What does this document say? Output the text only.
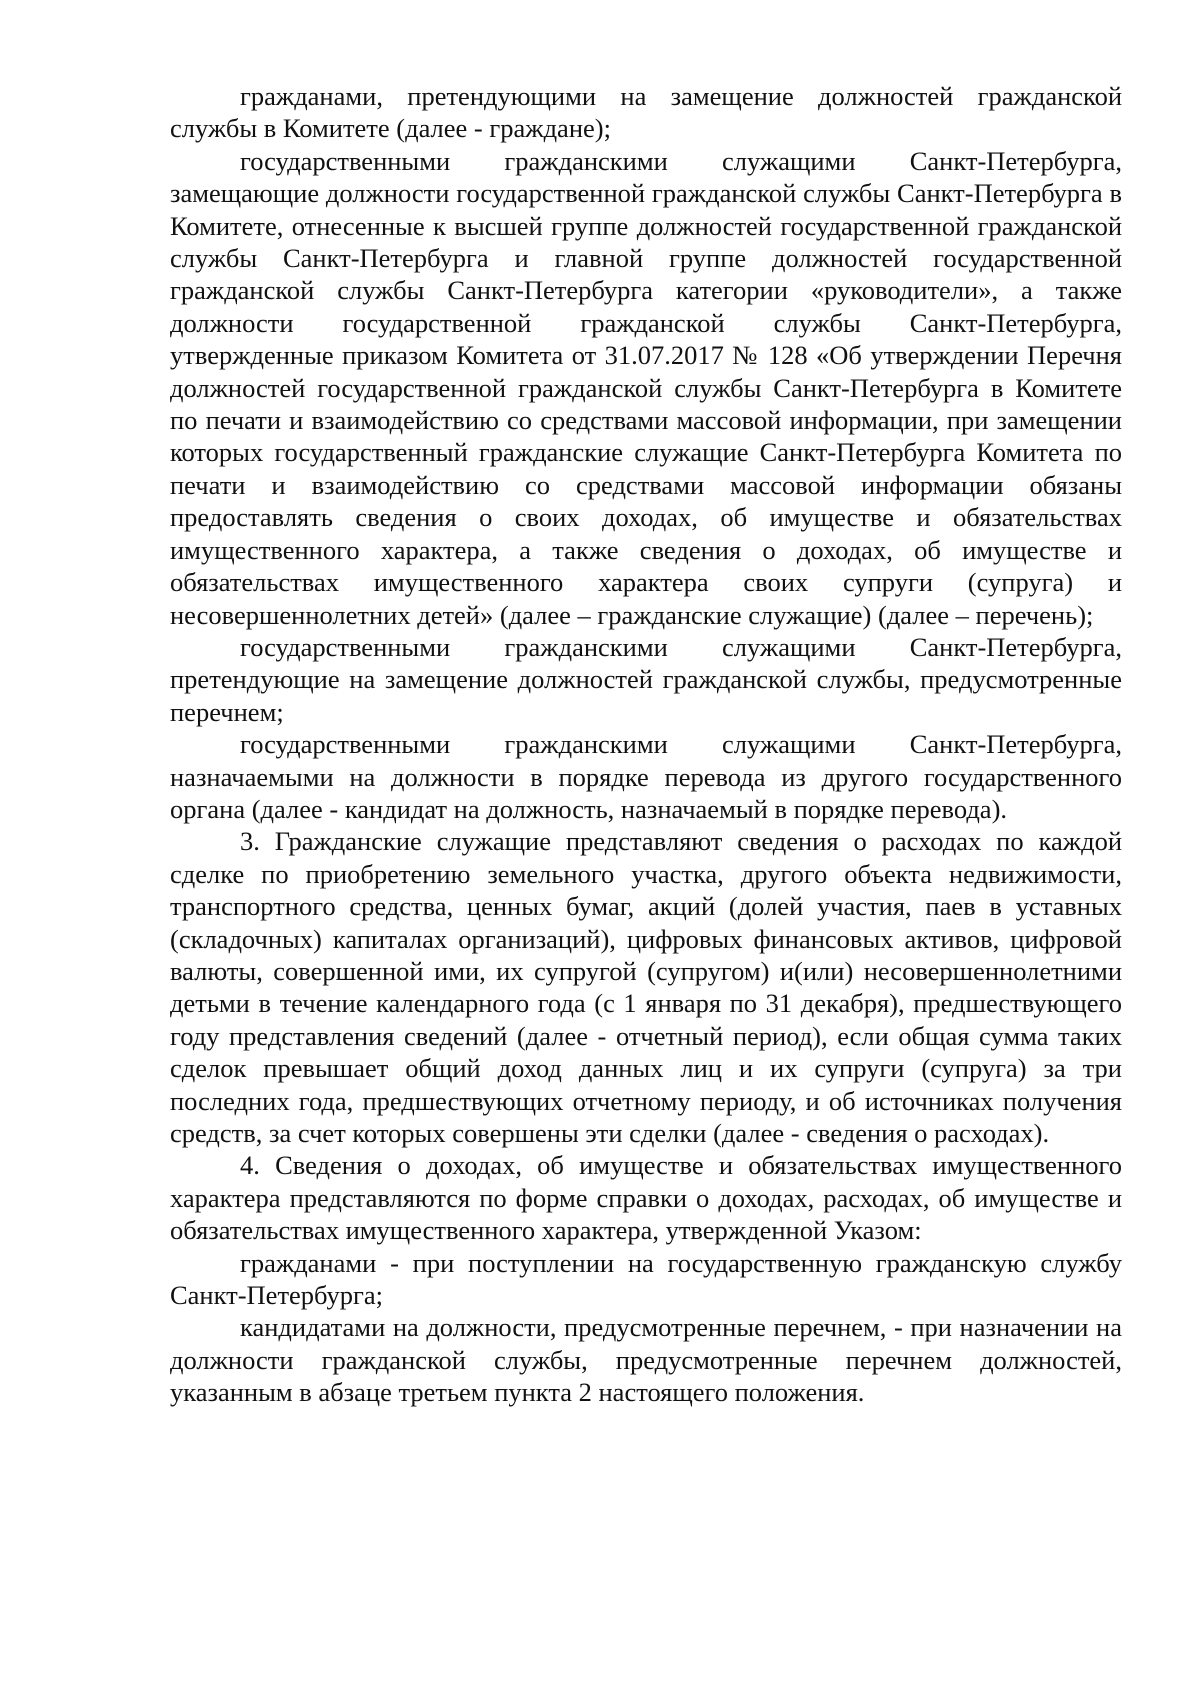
гражданами, претендующими на замещение должностей гражданской службы в Комитете (далее - граждане);

государственными гражданскими служащими Санкт-Петербурга, замещающие должности государственной гражданской службы Санкт-Петербурга в Комитете, отнесенные к высшей группе должностей государственной гражданской службы Санкт-Петербурга и главной группе должностей государственной гражданской службы Санкт-Петербурга категории «руководители», а также должности государственной гражданской службы Санкт-Петербурга, утвержденные приказом Комитета от 31.07.2017 № 128 «Об утверждении Перечня должностей государственной гражданской службы Санкт-Петербурга в Комитете по печати и взаимодействию со средствами массовой информации, при замещении которых государственный гражданские служащие Санкт-Петербурга Комитета по печати и взаимодействию со средствами массовой информации обязаны предоставлять сведения о своих доходах, об имуществе и обязательствах имущественного характера, а также сведения о доходах, об имуществе и обязательствах имущественного характера своих супруги (супруга) и несовершеннолетних детей» (далее – гражданские служащие) (далее – перечень);

государственными гражданскими служащими Санкт-Петербурга, претендующие на замещение должностей гражданской службы, предусмотренные перечнем;

государственными гражданскими служащими Санкт-Петербурга, назначаемыми на должности в порядке перевода из другого государственного органа (далее - кандидат на должность, назначаемый в порядке перевода).

3. Гражданские служащие представляют сведения о расходах по каждой сделке по приобретению земельного участка, другого объекта недвижимости, транспортного средства, ценных бумаг, акций (долей участия, паев в уставных (складочных) капиталах организаций), цифровых финансовых активов, цифровой валюты, совершенной ими, их супругой (супругом) и(или) несовершеннолетними детьми в течение календарного года (с 1 января по 31 декабря), предшествующего году представления сведений (далее - отчетный период), если общая сумма таких сделок превышает общий доход данных лиц и их супруги (супруга) за три последних года, предшествующих отчетному периоду, и об источниках получения средств, за счет которых совершены эти сделки (далее - сведения о расходах).

4. Сведения о доходах, об имуществе и обязательствах имущественного характера представляются по форме справки о доходах, расходах, об имуществе и обязательствах имущественного характера, утвержденной Указом:

гражданами - при поступлении на государственную гражданскую службу Санкт-Петербурга;

кандидатами на должности, предусмотренные перечнем, - при назначении на должности гражданской службы, предусмотренные перечнем должностей, указанным в абзаце третьем пункта 2 настоящего положения.
